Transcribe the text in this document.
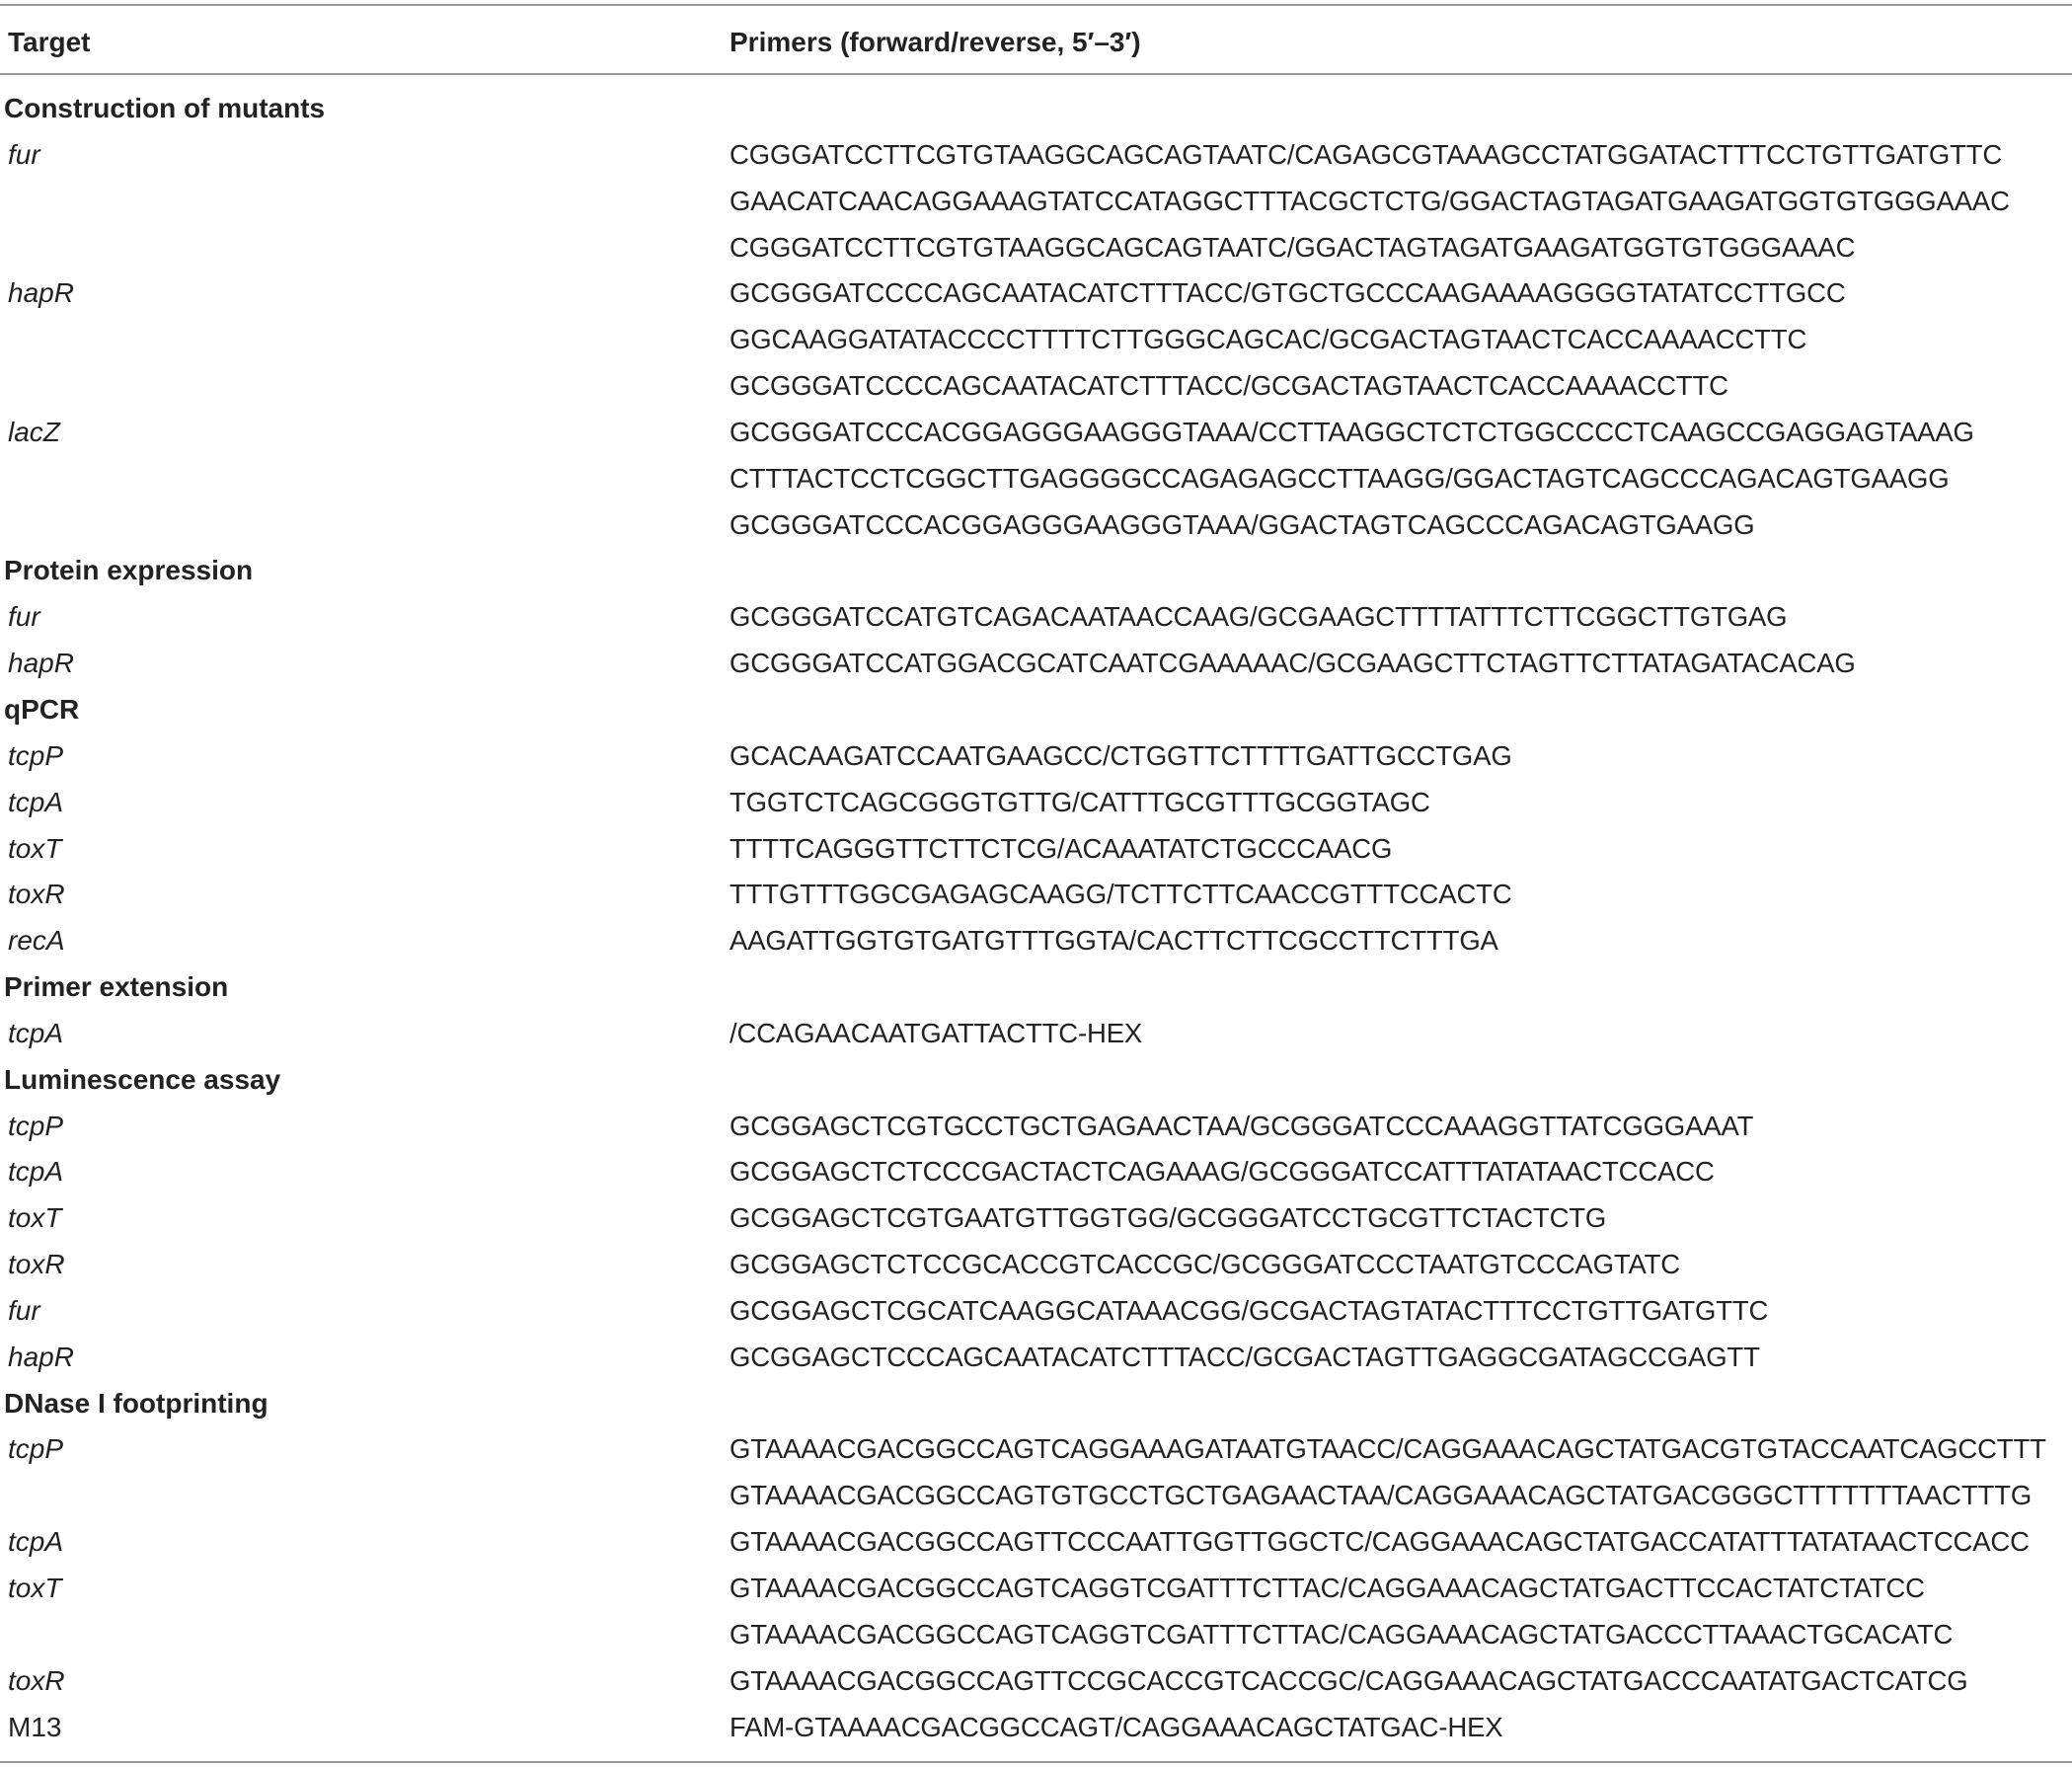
Target	Primers (forward/reverse, 5′–3′)
Construction of mutants
fur	CGGGATCCTTCGTGTAAGGCAGCAGTAATC/CAGAGCGTAAAGCCTATGGATACTTTCCTGTTGATGTTC
GAACATCAACAGGAAAGTATCCATAGGCTTTACGCTCTG/GGACTAGTAGATGAAGATGGTGTGGGAAAC
CGGGATCCTTCGTGTAAGGCAGCAGTAATC/GGACTAGTAGATGAAGATGGTGTGGGAAAC
hapR	GCGGGATCCCCAGCAATACATCTTTACC/GTGCTGCCCAAGAAAAGGGGTATATCCTTGCC
GGCAAGGATATACCCCTTTTCTTGGGCAGCAC/GCGACTAGTAACTCACCAAAACCTTC
GCGGGATCCCCAGCAATACATCTTTACC/GCGACTAGTAACTCACCAAAACCTTC
lacZ	GCGGGATCCCACGGAGGGAAGGGTAAA/CCTTAAGGCTCTCTGGCCCCTCAAGCCGAGGAGTAAAG
CTTTACTCCTCGGCTTGAGGGGCCAGAGAGCCTTAAGG/GGACTAGTCAGCCCAGACAGTGAAGG
GCGGGATCCCACGGAGGGAAGGGTAAA/GGACTAGTCAGCCCAGACAGTGAAGG
Protein expression
fur	GCGGGATCCATGTCAGACAATAACCAAG/GCGAAGCTTTTATTTCTTCGGCTTGTGAG
hapR	GCGGGATCCATGGACGCATCAATCGAAAAAC/GCGAAGCTTCTAGTTCTTATAGATACACAG
qPCR
tcpP	GCACAAGATCCAATGAAGCC/CTGGTTCTTTTGATTGCCTGAG
tcpA	TGGTCTCAGCGGGTGTTG/CATTTGCGTTTGCGGTAGC
toxT	TTTTCAGGGTTCTTCTCG/ACAAATATCTGCCCAACG
toxR	TTTGTTTGGCGAGAGCAAGG/TCTTCTTCAACCGTTTCCACTC
recA	AAGATTGGTGTGATGTTTGGTA/CACTTCTTCGCCTTCTTTGA
Primer extension
tcpA	/CCAGAACAATGATTACTTC-HEX
Luminescence assay
tcpP	GCGGAGCTCGTGCCTGCTGAGAACTAA/GCGGGATCCCAAAGGTTATCGGGAAAT
tcpA	GCGGAGCTCTCCCGACTACTCAGAAAG/GCGGGATCCATTTATATAACTCCACC
toxT	GCGGAGCTCGTGAATGTTGGTGG/GCGGGATCCTGCGTTCTACTCTG
toxR	GCGGAGCTCTCCGCACCGTCACCGC/GCGGGATCCCTAATGTCCCAGTATC
fur	GCGGAGCTCGCATCAAGGCATAAACGG/GCGACTAGTATACTTTCCTGTTGATGTTC
hapR	GCGGAGCTCCCAGCAATACATCTTTACC/GCGACTAGTTGAGGCGATAGCCGAGTT
DNase I footprinting
tcpP	GTAAAACGACGGCCAGTCAGGAAAGATAATGTAACC/CAGGAAACAGCTATGACGTGTACCAATCAGCCTTT
GTAAAACGACGGCCAGTGTGCCTGCTGAGAACTAA/CAGGAAACAGCTATGACGGGCTTTTTTTAACTTTG
tcpA	GTAAAACGACGGCCAGTTCCCAATTGGTTGGCTC/CAGGAAACAGCTATGACCATATTTATATAACTCCACC
toxT	GTAAAACGACGGCCAGTCAGGTCGATTTCTTAC/CAGGAAACAGCTATGACTTCCACTATCTATCC
GTAAAACGACGGCCAGTCAGGTCGATTTCTTAC/CAGGAAACAGCTATGACCCTTAAACTGCACATC
toxR	GTAAAACGACGGCCAGTTCCGCACCGTCACCGC/CAGGAAACAGCTATGACCCAATATGACTCATCG
M13	FAM-GTAAAACGACGGCCAGT/CAGGAAACAGCTATGAC-HEX
